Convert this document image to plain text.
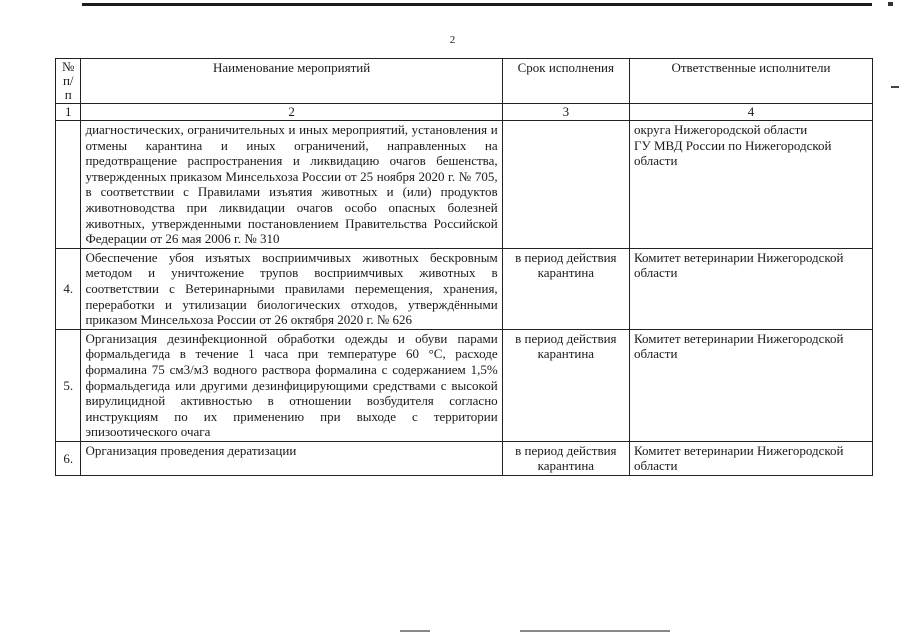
2
№
п/п	Наименование мероприятий	Срок исполнения	Ответственные исполнители
1	2	3	4
	диагностических, ограничительных и иных мероприятий, установления и отмены карантина и иных ограничений, направленных на предотвращение распространения и ликвидацию очагов бешенства, утвержденных приказом Минсельхоза России от 25 ноября 2020 г. № 705, в соответствии с Правилами изъятия животных и (или) продуктов животноводства при ликвидации очагов особо опасных болезней животных, утвержденными постановлением Правительства Российской Федерации от 26 мая 2006 г. № 310		округа Нижегородской области
ГУ МВД России по Нижегородской области
4.	Обеспечение убоя изъятых восприимчивых животных бескровным методом и уничтожение трупов восприимчивых животных в соответствии с Ветеринарными правилами перемещения, хранения, переработки и утилизации биологических отходов, утверждёнными приказом Минсельхоза России от 26 октября 2020 г. № 626	в период действия карантина	Комитет ветеринарии Нижегородской области
5.	Организация дезинфекционной обработки одежды и обуви парами формальдегида в течение 1 часа при температуре 60 °С, расходе формалина 75 см3/м3 водного раствора формалина с содержанием 1,5% формальдегида или другими дезинфицирующими средствами с высокой вирулицидной активностью в отношении возбудителя согласно инструкциям по их применению при выходе с территории эпизоотического очага	в период действия карантина	Комитет ветеринарии Нижегородской области
6.	Организация проведения дератизации	в период действия карантина	Комитет ветеринарии Нижегородской области
